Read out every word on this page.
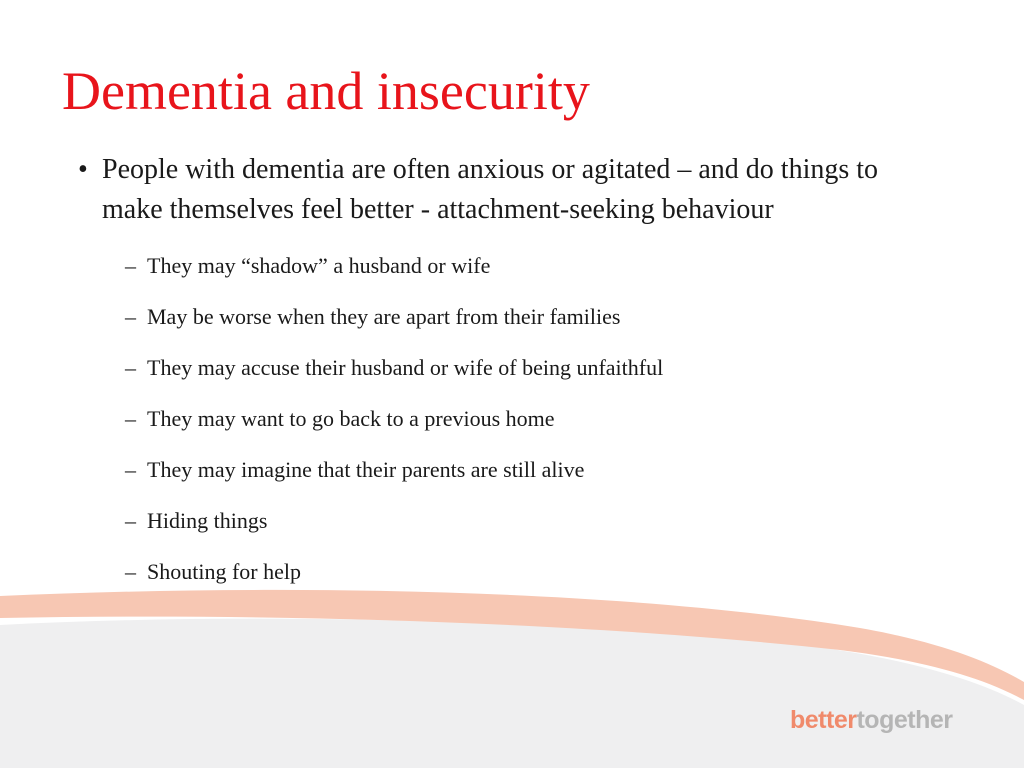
Dementia and insecurity
• People with dementia are often anxious or agitated – and do things to make themselves feel better - attachment-seeking behaviour
– They may “shadow” a husband or wife
– May be worse when they are apart from their families
– They may accuse their husband or wife of being unfaithful
– They may want to go back to a previous home
– They may imagine that their parents are still alive
– Hiding things
– Shouting for help
bettertogether
